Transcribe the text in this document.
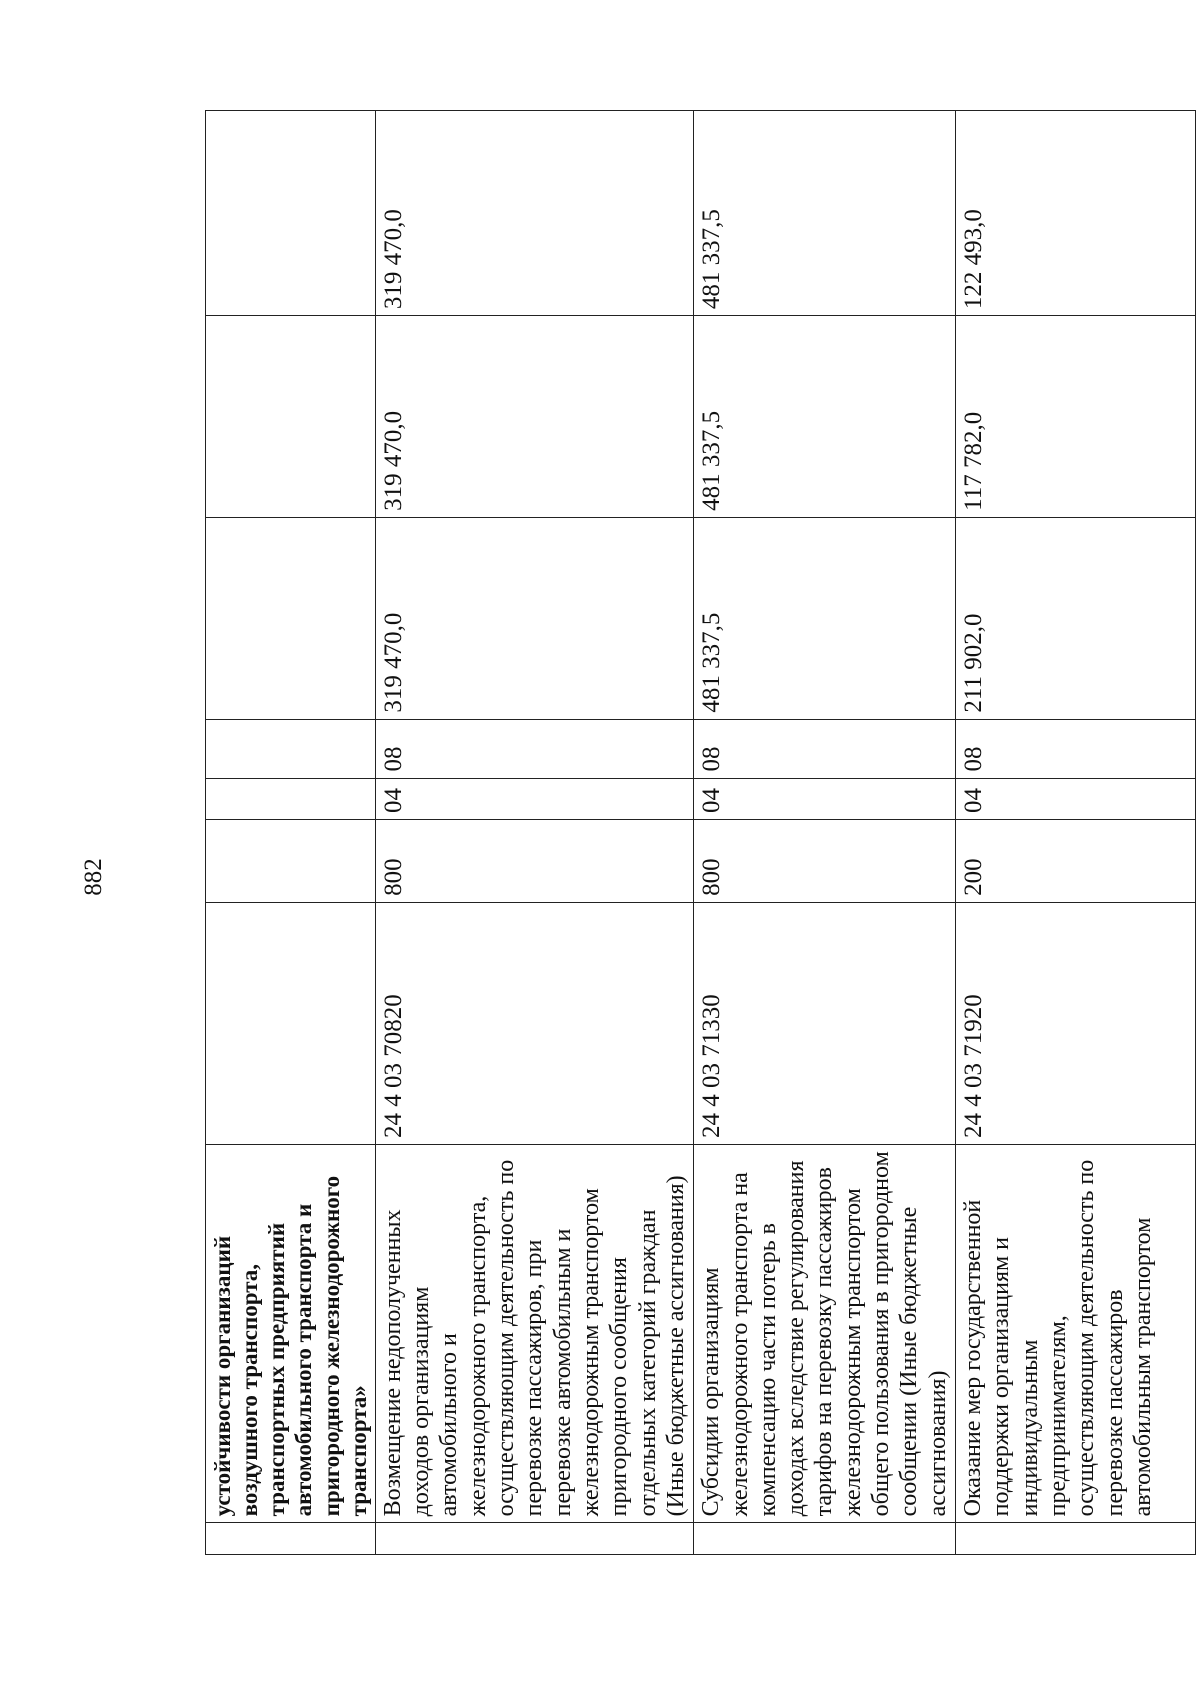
882
	устойчивости организаций воздушного транспорта, транспортных предприятий автомобильного транспорта и пригородного железнодорожного транспорта»							
	Возмещение недополученных доходов организациям автомобильного и железнодорожного транспорта, осуществляющим деятельность по перевозке пассажиров, при перевозке автомобильным и железнодорожным транспортом пригородного сообщения отдельных категорий граждан (Иные бюджетные ассигнования)	24 4 03 70820	800	04	08	319 470,0	319 470,0	319 470,0
	Субсидии организациям железнодорожного транспорта на компенсацию части потерь в доходах вследствие регулирования тарифов на перевозку пассажиров железнодорожным транспортом общего пользования в пригородном сообщении (Иные бюджетные ассигнования)	24 4 03 71330	800	04	08	481 337,5	481 337,5	481 337,5
	Оказание мер государственной поддержки организациям и индивидуальным предпринимателям, осуществляющим деятельность по перевозке пассажиров автомобильным транспортом	24 4 03 71920	200	04	08	211 902,0	117 782,0	122 493,0
